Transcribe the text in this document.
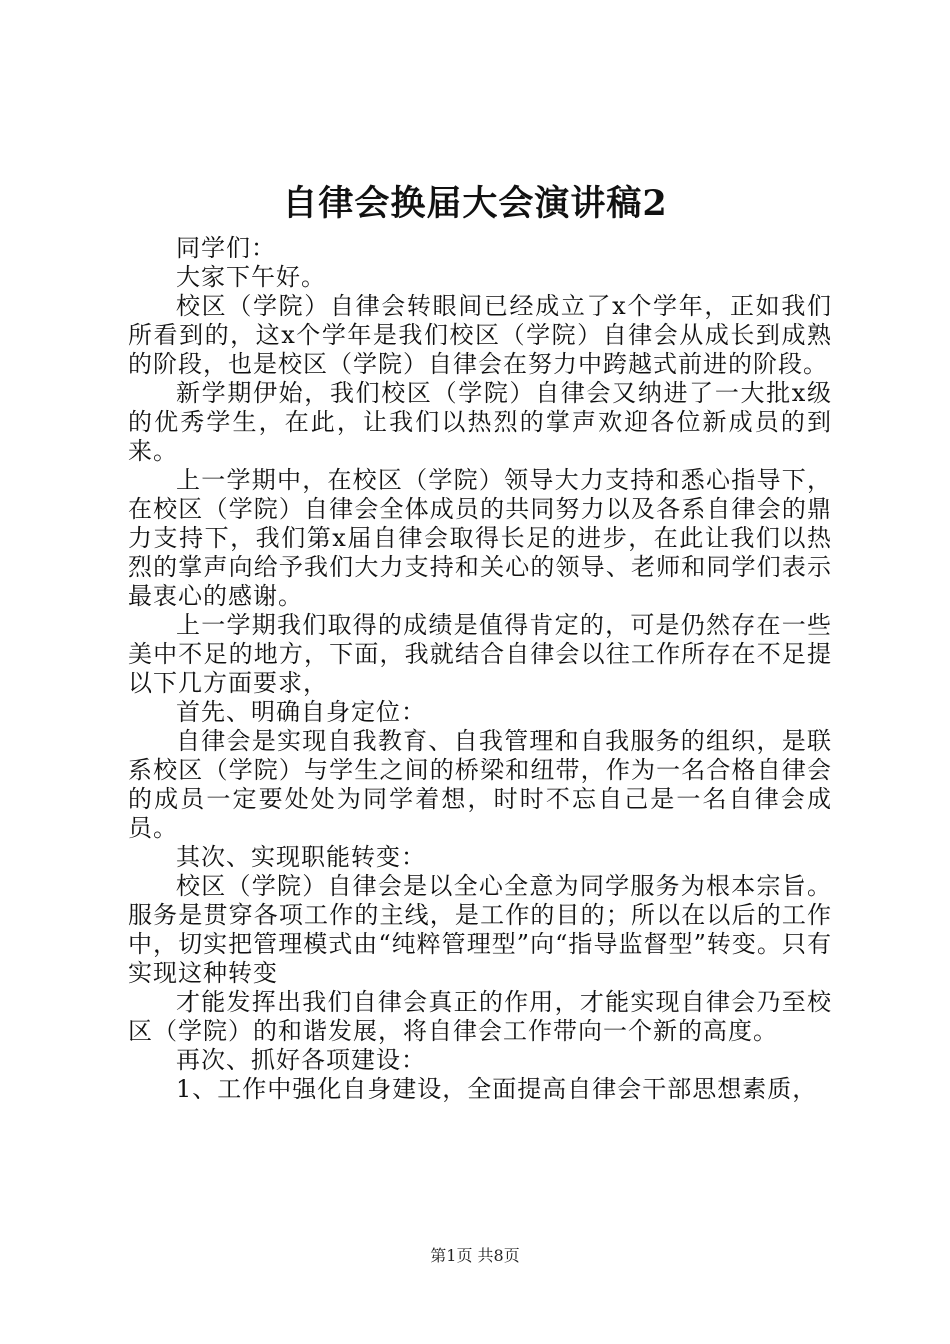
自律会换届大会演讲稿2

同学们：

大家下午好。

校区（学院）自律会转眼间已经成立了x个学年，正如我们所看到的，这x个学年是我们校区（学院）自律会从成长到成熟的阶段，也是校区（学院）自律会在努力中跨越式前进的阶段。

新学期伊始，我们校区（学院）自律会又纳进了一大批x级的优秀学生，在此，让我们以热烈的掌声欢迎各位新成员的到来。

上一学期中，在校区（学院）领导大力支持和悉心指导下，在校区（学院）自律会全体成员的共同努力以及各系自律会的鼎力支持下，我们第x届自律会取得长足的进步，在此让我们以热烈的掌声向给予我们大力支持和关心的领导、老师和同学们表示最衷心的感谢。

上一学期我们取得的成绩是值得肯定的，可是仍然存在一些美中不足的地方，下面，我就结合自律会以往工作所存在不足提以下几方面要求，

首先、明确自身定位：

自律会是实现自我教育、自我管理和自我服务的组织，是联系校区（学院）与学生之间的桥梁和纽带，作为一名合格自律会的成员一定要处处为同学着想，时时不忘自己是一名自律会成员。

其次、实现职能转变：

校区（学院）自律会是以全心全意为同学服务为根本宗旨。服务是贯穿各项工作的主线，是工作的目的；所以在以后的工作中，切实把管理模式由“纯粹管理型”向“指导监督型”转变。只有实现这种转变

才能发挥出我们自律会真正的作用，才能实现自律会乃至校区（学院）的和谐发展，将自律会工作带向一个新的高度。

再次、抓好各项建设：

1、工作中强化自身建设，全面提高自律会干部思想素质，

第1页 共8页
